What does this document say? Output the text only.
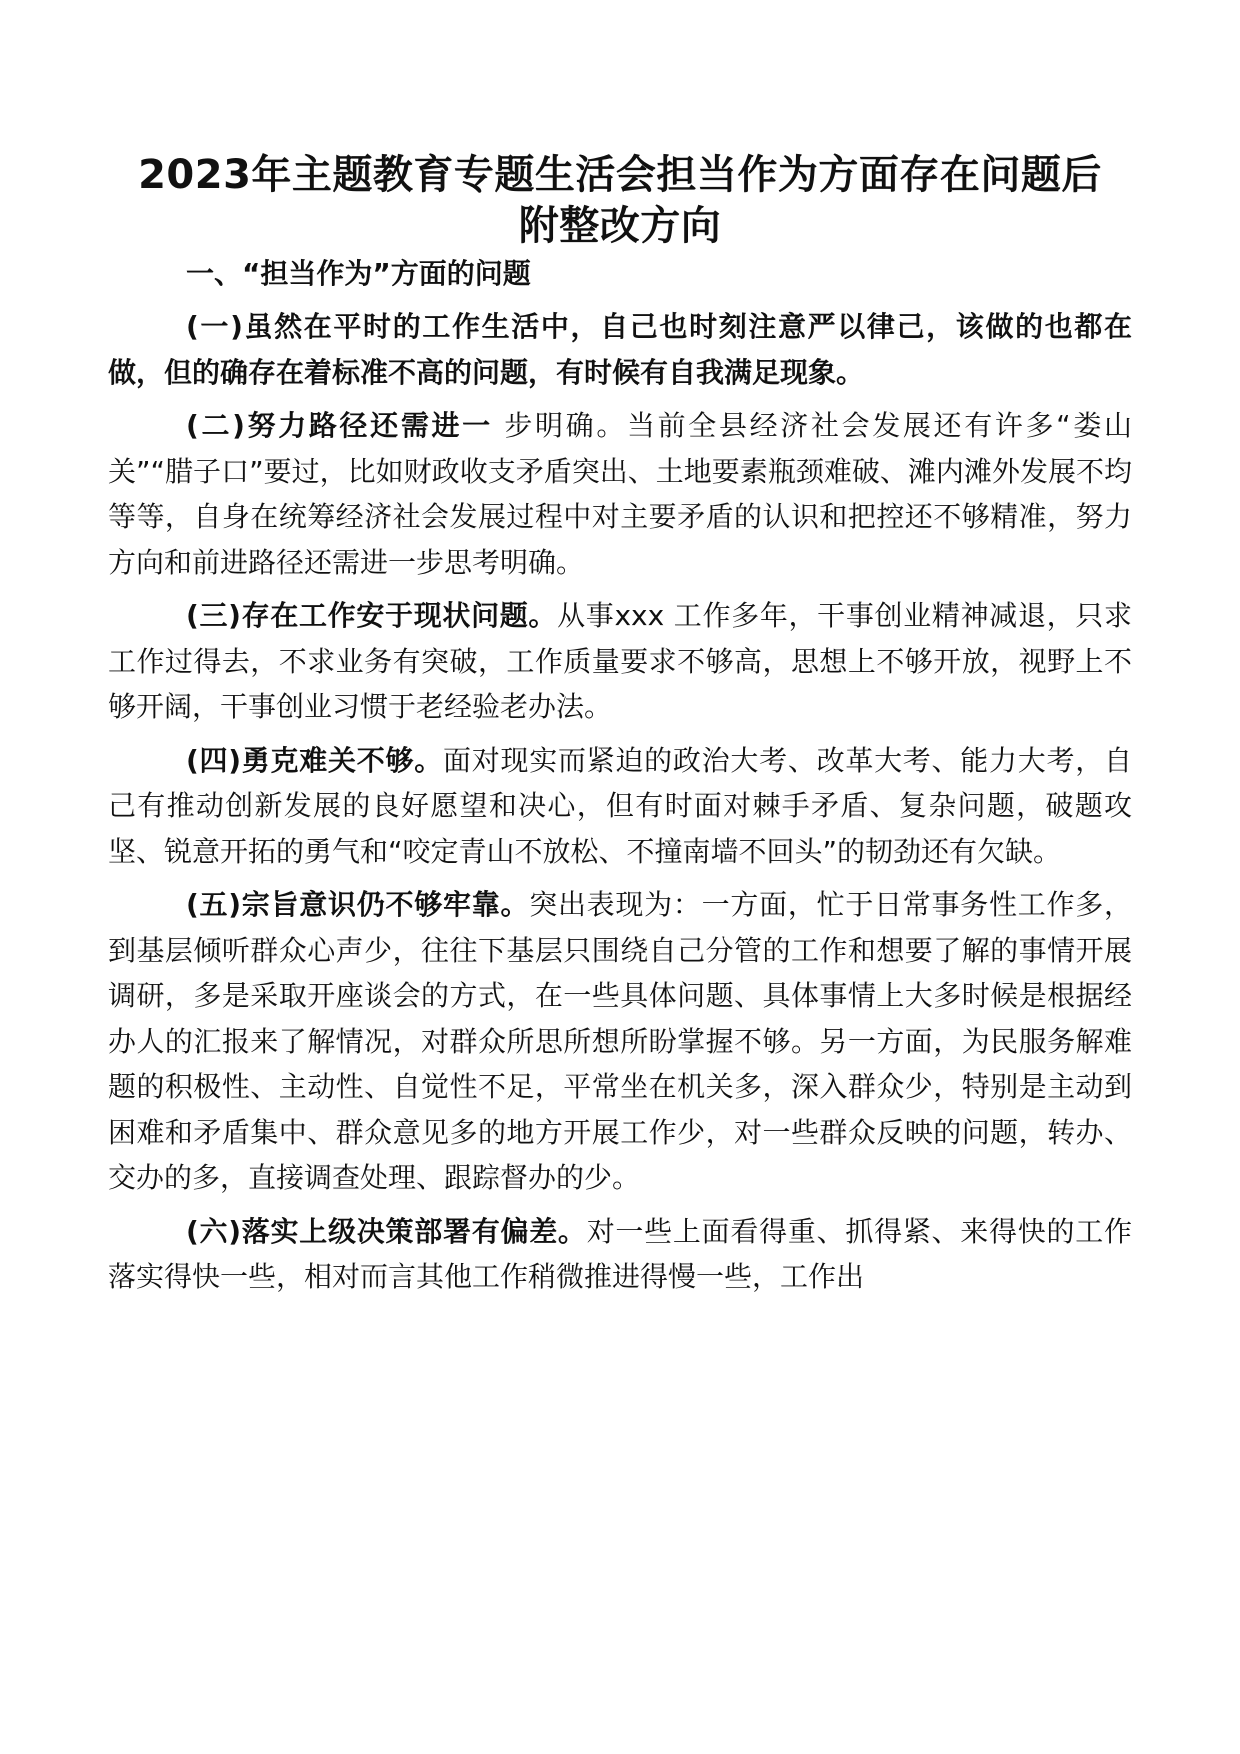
2023年主题教育专题生活会担当作为方面存在问题后
附整改方向

一、“担当作为”方面的问题

(一)虽然在平时的工作生活中，自己也时刻注意严以律己，该做的也都在做，但的确存在着标准不高的问题，有时候有自我满足现象。

(二)努力路径还需进一 步明确。当前全县经济社会发展还有许多“娄山关”“腊子口”要过，比如财政收支矛盾突出、土地要素瓶颈难破、滩内滩外发展不均等等，自身在统筹经济社会发展过程中对主要矛盾的认识和把控还不够精准，努力方向和前进路径还需进一步思考明确。

(三)存在工作安于现状问题。从事xxx 工作多年，干事创业精神减退，只求工作过得去，不求业务有突破，工作质量要求不够高，思想上不够开放，视野上不够开阔，干事创业习惯于老经验老办法。

(四)勇克难关不够。面对现实而紧迫的政治大考、改革大考、能力大考，自己有推动创新发展的良好愿望和决心，但有时面对棘手矛盾、复杂问题，破题攻坚、锐意开拓的勇气和“咬定青山不放松、不撞南墙不回头”的韧劲还有欠缺。

(五)宗旨意识仍不够牢靠。突出表现为：一方面，忙于日常事务性工作多，到基层倾听群众心声少，往往下基层只围绕自己分管的工作和想要了解的事情开展调研，多是采取开座谈会的方式，在一些具体问题、具体事情上大多时候是根据经办人的汇报来了解情况，对群众所思所想所盼掌握不够。另一方面，为民服务解难题的积极性、主动性、自觉性不足，平常坐在机关多，深入群众少，特别是主动到困难和矛盾集中、群众意见多的地方开展工作少，对一些群众反映的问题，转办、交办的多，直接调查处理、跟踪督办的少。

(六)落实上级决策部署有偏差。对一些上面看得重、抓得紧、来得快的工作落实得快一些，相对而言其他工作稍微推进得慢一些，工作出
